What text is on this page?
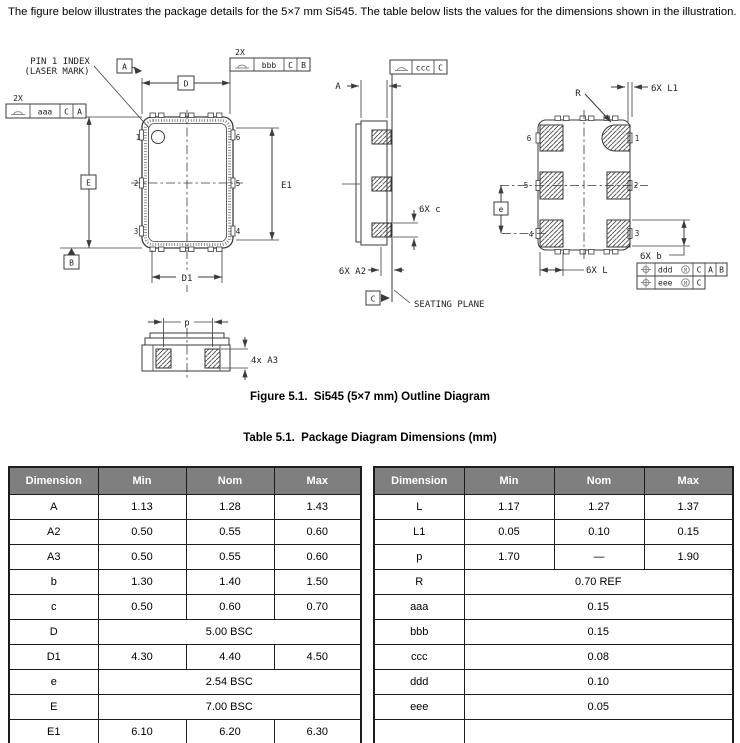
The figure below illustrates the package details for the 5×7 mm Si545. The table below lists the values for the dimensions shown in the illustration.
1
2
3
6
5
4
PIN 1 INDEX
(LASER MARK)
E
B
A
D
2X
bbb C B
2X
aaa C A
E1
D1
ccc C
A
6X c
6X A2
C
SEATING PLANE
6
5
4
1
2
3
R	6X L1
e
6X L
6X b
ddd M C A B
eee M C
p
4x A3
Figure 5.1.  Si545 (5×7 mm) Outline Diagram
Table 5.1.  Package Diagram Dimensions (mm)
Dimension	Min	Nom	Max
A	1.13	1.28	1.43
A2	0.50	0.55	0.60
A3	0.50	0.55	0.60
b	1.30	1.40	1.50
c	0.50	0.60	0.70
D	5.00 BSC		
D1	4.30	4.40	4.50
e	2.54 BSC		
E	7.00 BSC		
E1	6.10	6.20	6.30

Dimension	Min	Nom	Max
L	1.17	1.27	1.37
L1	0.05	0.10	0.15
p	1.70	—	1.90
R	0.70 REF		
aaa	0.15		
bbb	0.15		
ccc	0.08		
ddd	0.10		
eee	0.05		
